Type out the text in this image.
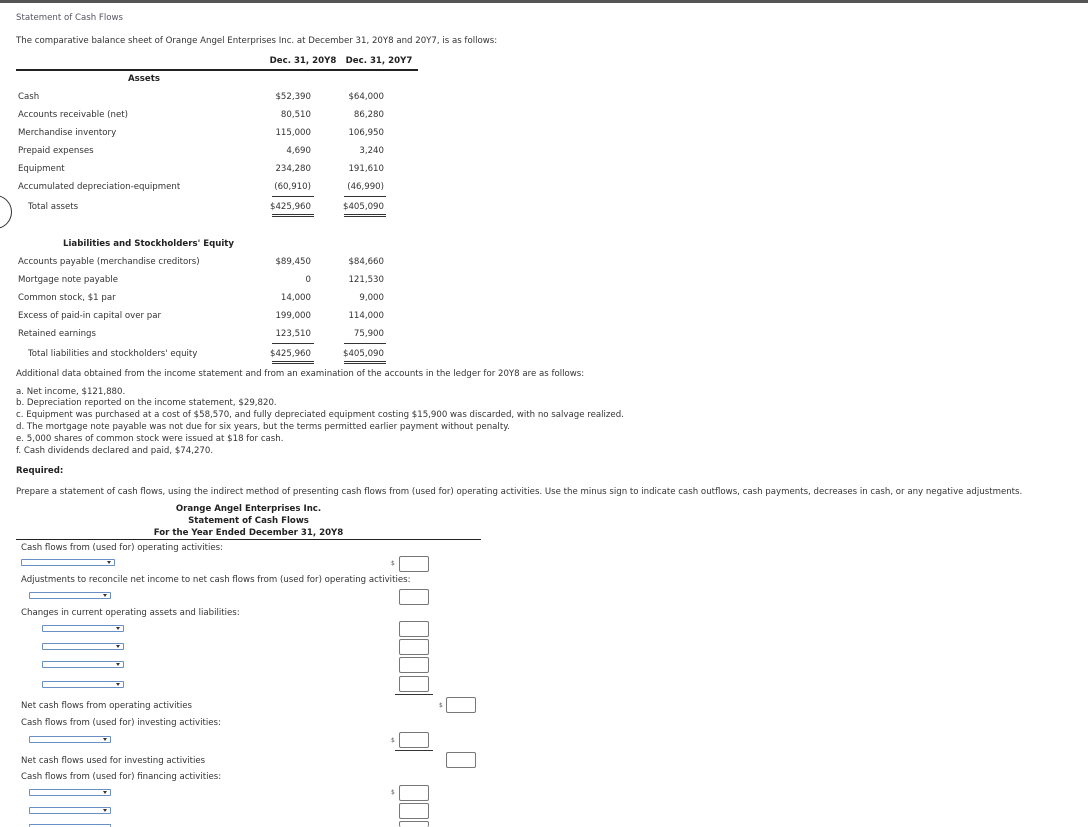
Statement of Cash Flows
The comparative balance sheet of Orange Angel Enterprises Inc. at December 31, 20Y8 and 20Y7, is as follows:
Dec. 31, 20Y8 Dec. 31, 20Y7
Assets
Cash	$52,390	$64,000
Accounts receivable (net)	80,510	86,280
Merchandise inventory	115,000	106,950
Prepaid expenses	4,690	3,240
Equipment	234,280	191,610
Accumulated depreciation-equipment	(60,910)	(46,990)
Total assets	$425,960	$405,090
Liabilities and Stockholders' Equity
Accounts payable (merchandise creditors)	$89,450	$84,660
Mortgage note payable	0	121,530
Common stock, $1 par	14,000	9,000
Excess of paid-in capital over par	199,000	114,000
Retained earnings	123,510	75,900
Total liabilities and stockholders' equity	$425,960	$405,090
Additional data obtained from the income statement and from an examination of the accounts in the ledger for 20Y8 are as follows:
a. Net income, $121,880.
b. Depreciation reported on the income statement, $29,820.
c. Equipment was purchased at a cost of $58,570, and fully depreciated equipment costing $15,900 was discarded, with no salvage realized.
d. The mortgage note payable was not due for six years, but the terms permitted earlier payment without penalty.
e. 5,000 shares of common stock were issued at $18 for cash.
f. Cash dividends declared and paid, $74,270.
Required:
Prepare a statement of cash flows, using the indirect method of presenting cash flows from (used for) operating activities. Use the minus sign to indicate cash outflows, cash payments, decreases in cash, or any negative adjustments.
Orange Angel Enterprises Inc.
Statement of Cash Flows
For the Year Ended December 31, 20Y8
Cash flows from (used for) operating activities:
$
Adjustments to reconcile net income to net cash flows from (used for) operating activities:
Changes in current operating assets and liabilities:
Net cash flows from operating activities	$
Cash flows from (used for) investing activities:
$
Net cash flows used for investing activities
Cash flows from (used for) financing activities:
$
